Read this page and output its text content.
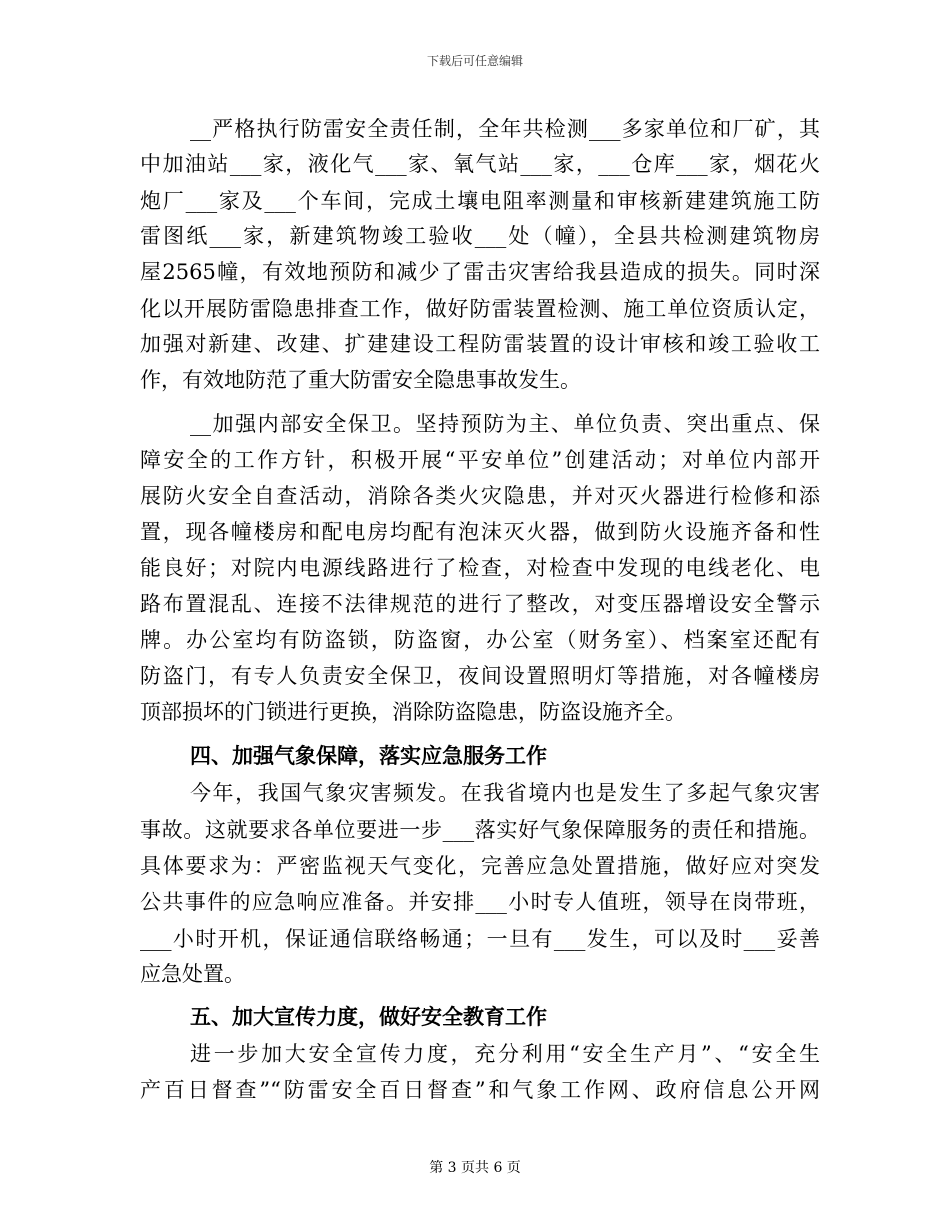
下载后可任意编辑
__严格执行防雷安全责任制，全年共检测___多家单位和厂矿，其
中加油站___家，液化气___家、氧气站___家，___仓库___家，烟花火
炮厂___家及___个车间，完成土壤电阻率测量和审核新建建筑施工防
雷图纸___家，新建筑物竣工验收___处（幢），全县共检测建筑物房
屋2565幢，有效地预防和减少了雷击灾害给我县造成的损失。同时深
化以开展防雷隐患排查工作，做好防雷装置检测、施工单位资质认定，
加强对新建、改建、扩建建设工程防雷装置的设计审核和竣工验收工
作，有效地防范了重大防雷安全隐患事故发生。
__加强内部安全保卫。坚持预防为主、单位负责、突出重点、保
障安全的工作方针，积极开展“平安单位”创建活动；对单位内部开
展防火安全自查活动，消除各类火灾隐患，并对灭火器进行检修和添
置，现各幢楼房和配电房均配有泡沫灭火器，做到防火设施齐备和性
能良好；对院内电源线路进行了检查，对检查中发现的电线老化、电
路布置混乱、连接不法律规范的进行了整改，对变压器增设安全警示
牌。办公室均有防盗锁，防盗窗，办公室（财务室）、档案室还配有
防盗门，有专人负责安全保卫，夜间设置照明灯等措施，对各幢楼房
顶部损坏的门锁进行更换，消除防盗隐患，防盗设施齐全。
四、加强气象保障，落实应急服务工作
今年，我国气象灾害频发。在我省境内也是发生了多起气象灾害
事故。这就要求各单位要进一步___落实好气象保障服务的责任和措施。
具体要求为：严密监视天气变化，完善应急处置措施，做好应对突发
公共事件的应急响应准备。并安排___小时专人值班，领导在岗带班，
___小时开机，保证通信联络畅通；一旦有___发生，可以及时___妥善
应急处置。
五、加大宣传力度，做好安全教育工作
进一步加大安全宣传力度，充分利用“安全生产月”、“安全生
产百日督查”“防雷安全百日督查”和气象工作网、政府信息公开网
第 3 页共 6 页
